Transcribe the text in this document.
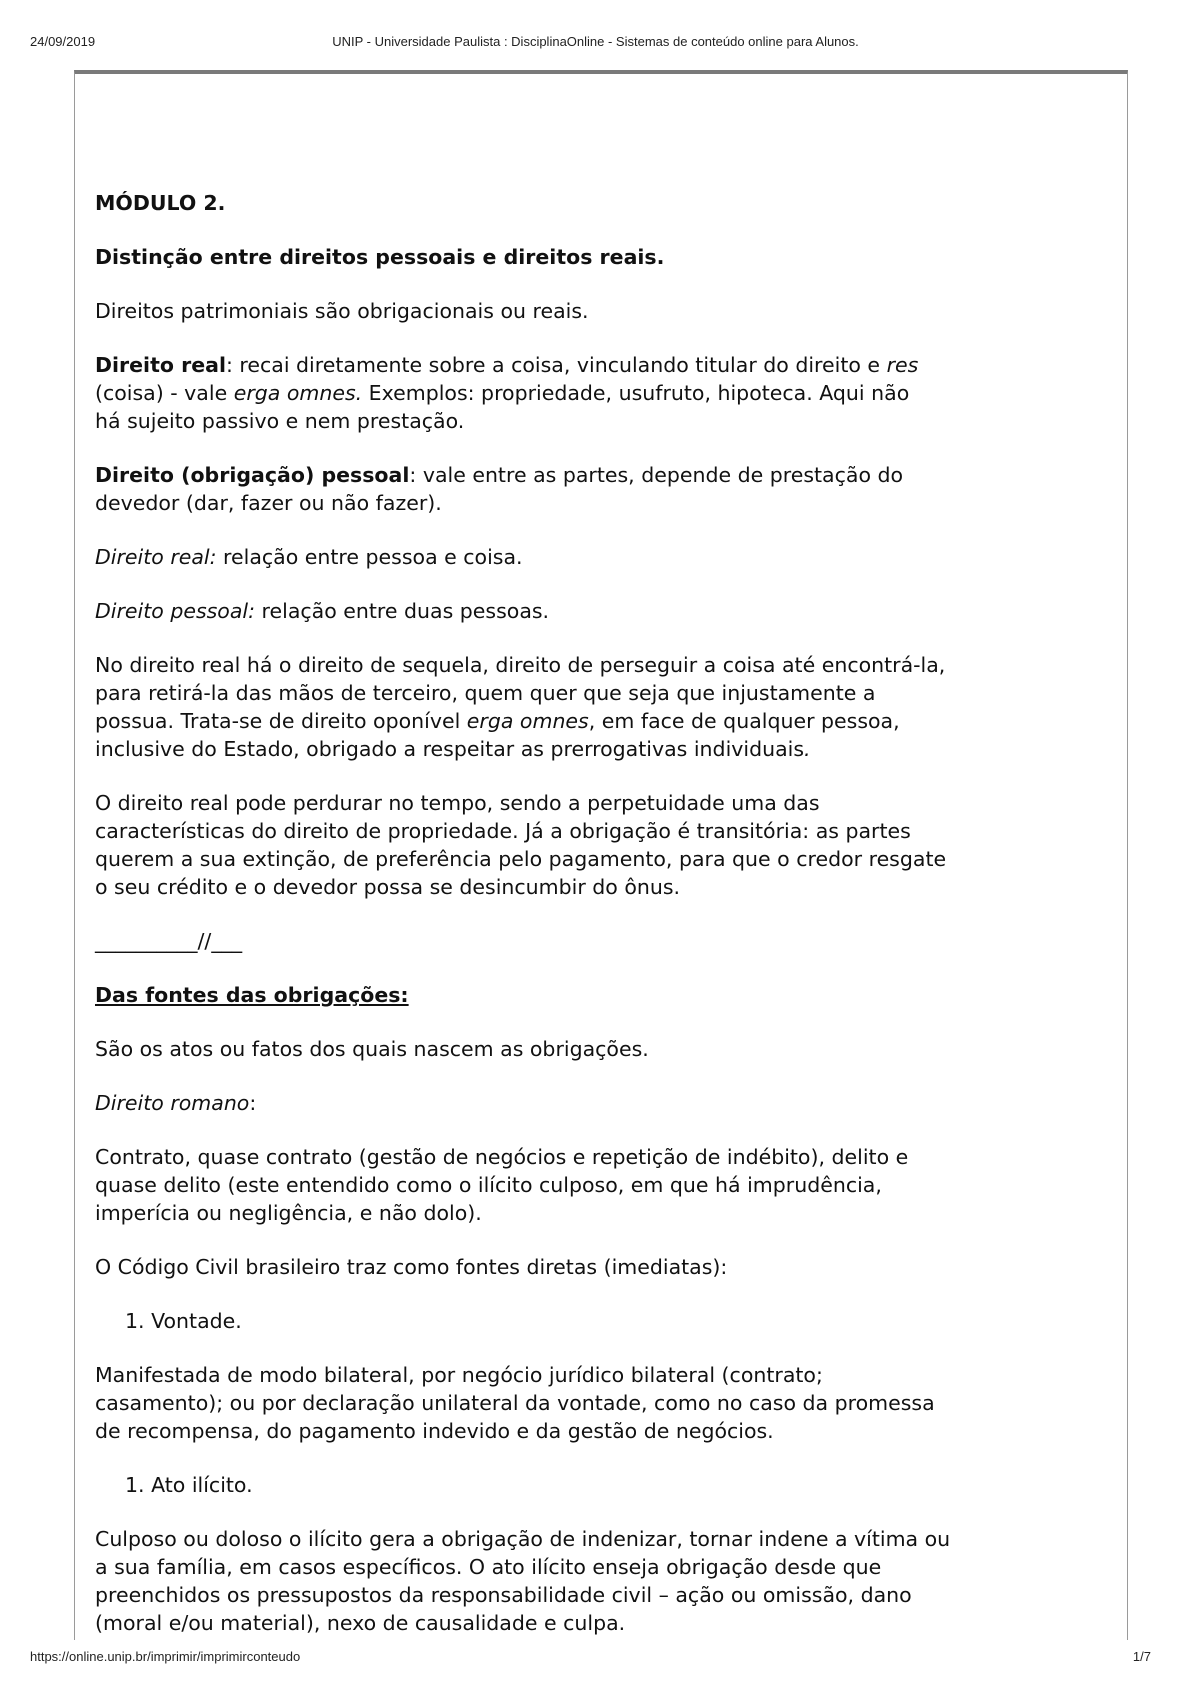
24/09/2019	UNIP - Universidade Paulista : DisciplinaOnline - Sistemas de conteúdo online para Alunos.
MÓDULO 2.
Distinção entre direitos pessoais e direitos reais.
Direitos patrimoniais são obrigacionais ou reais.
Direito real: recai diretamente sobre a coisa, vinculando titular do direito e res
(coisa) - vale erga omnes. Exemplos: propriedade, usufruto, hipoteca. Aqui não
há sujeito passivo e nem prestação.
Direito (obrigação) pessoal: vale entre as partes, depende de prestação do
devedor (dar, fazer ou não fazer).
Direito real: relação entre pessoa e coisa.
Direito pessoal: relação entre duas pessoas.
No direito real há o direito de sequela, direito de perseguir a coisa até encontrá-la,
para retirá-la das mãos de terceiro, quem quer que seja que injustamente a
possua. Trata-se de direito oponível erga omnes, em face de qualquer pessoa,
inclusive do Estado, obrigado a respeitar as prerrogativas individuais.
O direito real pode perdurar no tempo, sendo a perpetuidade uma das
características do direito de propriedade. Já a obrigação é transitória: as partes
querem a sua extinção, de preferência pelo pagamento, para que o credor resgate
o seu crédito e o devedor possa se desincumbir do ônus.
__________//___
Das fontes das obrigações:
São os atos ou fatos dos quais nascem as obrigações.
Direito romano:
Contrato, quase contrato (gestão de negócios e repetição de indébito), delito e
quase delito (este entendido como o ilícito culposo, em que há imprudência,
imperícia ou negligência, e não dolo).
O Código Civil brasileiro traz como fontes diretas (imediatas):
1. Vontade.
Manifestada de modo bilateral, por negócio jurídico bilateral (contrato;
casamento); ou por declaração unilateral da vontade, como no caso da promessa
de recompensa, do pagamento indevido e da gestão de negócios.
1. Ato ilícito.
Culposo ou doloso o ilícito gera a obrigação de indenizar, tornar indene a vítima ou
a sua família, em casos específicos. O ato ilícito enseja obrigação desde que
preenchidos os pressupostos da responsabilidade civil – ação ou omissão, dano
(moral e/ou material), nexo de causalidade e culpa.
https://online.unip.br/imprimir/imprimirconteudo	1/7
